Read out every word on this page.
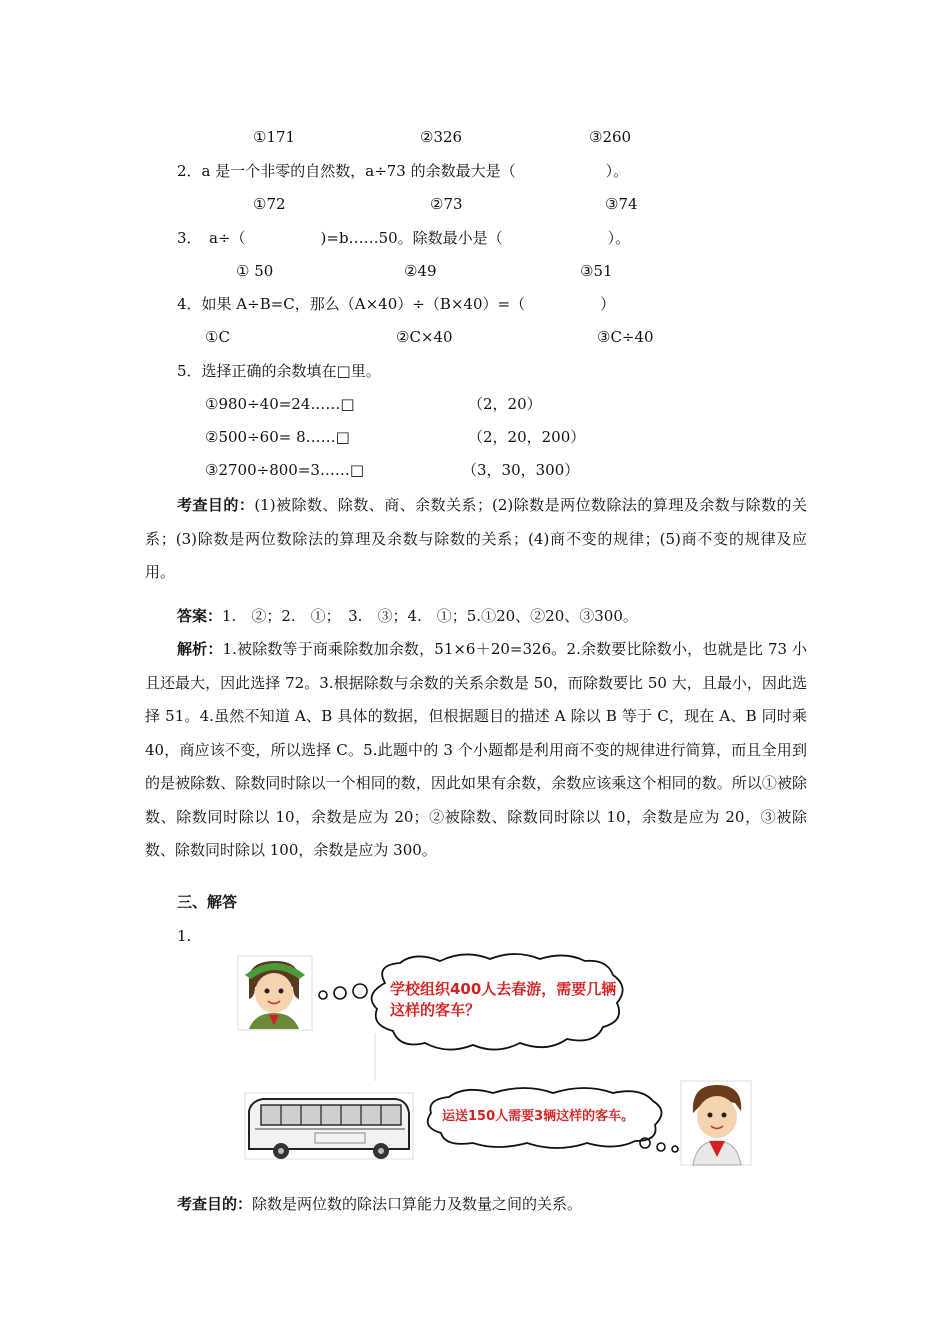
①171	②326	③260
2．a 是一个非零的自然数，a÷73 的余数最大是（　　　　　　）。
①72	②73	③74
3．　a÷（　　　　　)=b……50。除数最小是（　　　　　　　）。
① 50	②49	③51
4．如果 A÷B=C，那么（A×40）÷（B×40）=（　　　　　）
①C	②C×40	③C÷40
5．选择正确的余数填在□里。
①980÷40=24……□	（2，20）
②500÷60= 8……□	（2，20，200）
③2700÷800=3……□	（3，30，300）
考查目的：(1)被除数、除数、商、余数关系；(2)除数是两位数除法的算理及余数与除数的关系；(3)除数是两位数除法的算理及余数与除数的关系；(4)商不变的规律；(5)商不变的规律及应用。
答案：1.　②；2.　①；　3.　③；4.　①；5.①20、②20、③300。
解析：1.被除数等于商乘除数加余数，51×6＋20=326。2.余数要比除数小，也就是比 73 小且还最大，因此选择 72。3.根据除数与余数的关系余数是 50，而除数要比 50 大，且最小，因此选择 51。4.虽然不知道 A、B 具体的数据，但根据题目的描述 A 除以 B 等于 C，现在 A、B 同时乘 40，商应该不变，所以选择 C。5.此题中的 3 个小题都是利用商不变的规律进行简算，而且全用到的是被除数、除数同时除以一个相同的数，因此如果有余数，余数应该乘这个相同的数。所以①被除数、除数同时除以 10，余数是应为 20；②被除数、除数同时除以 10，余数是应为 20，③被除数、除数同时除以 100，余数是应为 300。
三、解答
1.
学校组织400人去春游，需要几辆
这样的客车？
运送150人需要3辆这样的客车。
考查目的：除数是两位数的除法口算能力及数量之间的关系。
